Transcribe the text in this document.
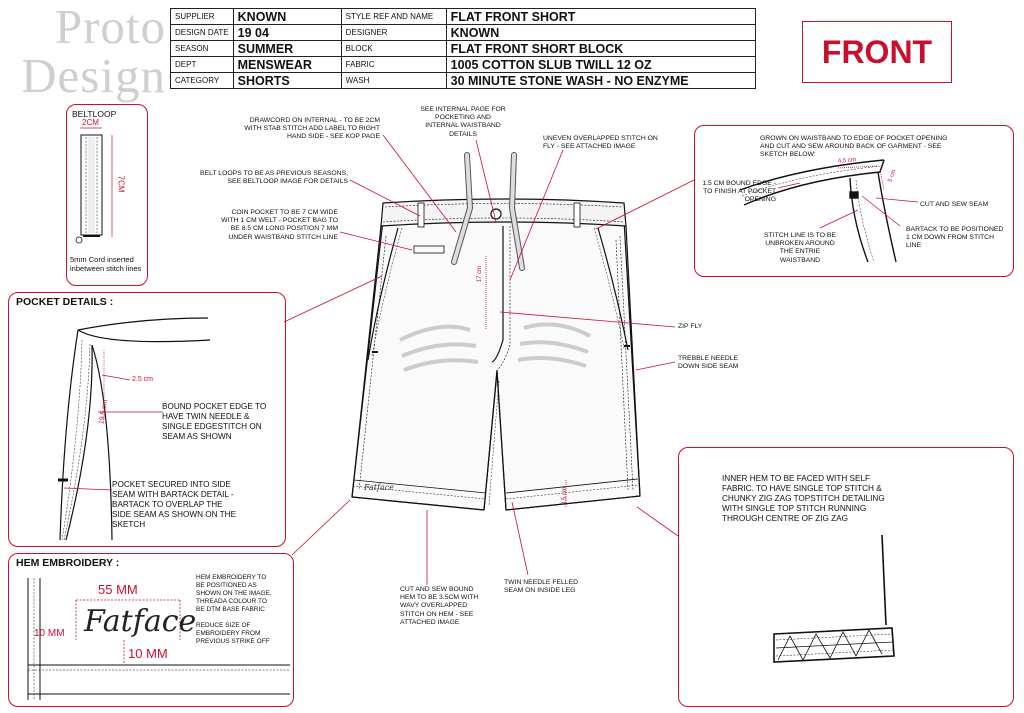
Proto
Design
SUPPLIER	KNOWN	STYLE REF AND NAME	FLAT FRONT SHORT
DESIGN DATE	19 04	DESIGNER	KNOWN
SEASON	SUMMER	BLOCK	FLAT FRONT SHORT BLOCK
DEPT	MENSWEAR	FABRIC	1005 COTTON SLUB TWILL 12 OZ
CATEGORY	SHORTS	WASH	30 MINUTE STONE WASH - NO ENZYME
FRONT
Fatface
BELTLOOP
2CM
7CM
5mm Cord inserted inbetween stitch lines
POCKET DETAILS :
2.5 cm
19.5 cm	BOUND POCKET EDGE TO HAVE TWIN NEEDLE & SINGLE EDGESTITCH ON SEAM AS SHOWN
POCKET SECURED INTO SIDE SEAM WITH BARTACK DETAIL - BARTACK TO OVERLAP THE SIDE SEAM AS SHOWN ON THE SKETCH
HEM EMBROIDERY :
55 MM
10 MM
10 MM
Fatface
HEM EMBROIDERY TO BE POSITIONED AS SHOWN ON THE IMAGE, THREADA COLOUR TO BE DTM BASE FABRIC
REDUCE SIZE OF EMBROIDERY FROM PREVIOUS STRIKE OFF
GROWN ON WAISTBAND TO EDGE OF POCKET OPENING AND CUT AND SEW AROUND BACK OF GARMENT - SEE SKETCH BELOW:
1.5 CM BOUND EDGE - TO FINISH AT POCKET OPENING
4.5 cm
5 cm
CUT AND SEW SEAM
STITCH LINE IS TO BE UNBROKEN AROUND THE ENTRIE WAISTBAND
BARTACK TO BE POSITIONED 1 CM DOWN FROM STITCH LINE
INNER HEM TO BE FACED WITH SELF FABRIC. TO HAVE SINGLE TOP STITCH & CHUNKY ZIG ZAG TOPSTITCH DETAILING WITH SINGLE TOP STITCH RUNNING THROUGH CENTRE OF ZIG ZAG
DRAWCORD ON INTERNAL - TO BE 2CM WITH STAB STITCH ADD LABEL TO RIGHT HAND SIDE - SEE KOP PAGE
SEE INTERNAL PAGE FOR POCKETING AND INTERNAL WAISTBAND DETAILS
UNEVEN OVERLAPPED STITCH ON FLY - SEE ATTACHED IMAGE
BELT LOOPS TO BE AS PREVIOUS SEASONS, SEE BELTLOOP IMAGE FOR DETAILS
COIN POCKET TO BE 7 CM WIDE WITH 1 CM WELT - POCKET BAG TO BE 8.5 CM LONG POSITION 7 MM UNDER WAISTBAND STITCH LINE
ZIP FLY
TREBBLE NEEDLE DOWN SIDE SEAM
CUT AND SEW BOUND HEM TO BE 3.5CM WITH WAVY OVERLAPPED STITCH ON HEM - SEE ATTACHED IMAGE
TWIN NEEDLE FELLED SEAM ON INSIDE LEG
17 cm
3.5 cm
